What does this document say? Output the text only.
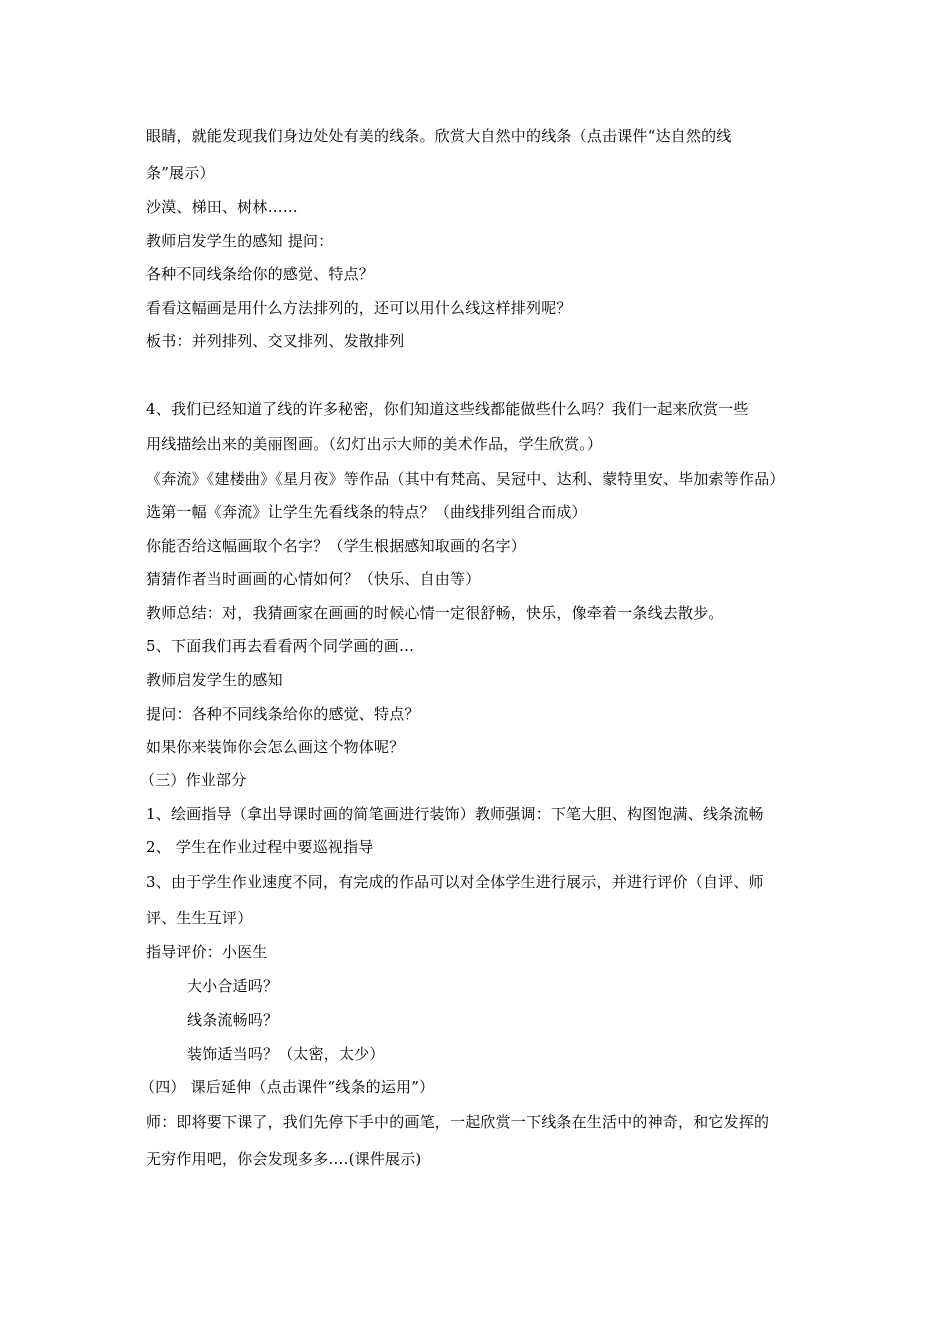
眼睛，就能发现我们身边处处有美的线条。欣赏大自然中的线条（点击课件“达自然的线
条”展示）
沙漠、梯田、树林……
教师启发学生的感知 提问：
各种不同线条给你的感觉、特点？
看看这幅画是用什么方法排列的，还可以用什么线这样排列呢？
板书：并列排列、交叉排列、发散排列
4、我们已经知道了线的许多秘密，你们知道这些线都能做些什么吗？我们一起来欣赏一些
用线描绘出来的美丽图画。（幻灯出示大师的美术作品，学生欣赏。）
《奔流》《建楼曲》《星月夜》等作品（其中有梵高、吴冠中、达利、蒙特里安、毕加索等作品）
选第一幅《奔流》让学生先看线条的特点？（曲线排列组合而成）
你能否给这幅画取个名字？（学生根据感知取画的名字）
猜猜作者当时画画的心情如何？（快乐、自由等）
教师总结：对，我猜画家在画画的时候心情一定很舒畅，快乐，像牵着一条线去散步。
5、下面我们再去看看两个同学画的画…
教师启发学生的感知
提问：各种不同线条给你的感觉、特点？
如果你来装饰你会怎么画这个物体呢？
（三）作业部分
1、绘画指导（拿出导课时画的简笔画进行装饰）教师强调：下笔大胆、构图饱满、线条流畅
2、 学生在作业过程中要巡视指导
3、由于学生作业速度不同，有完成的作品可以对全体学生进行展示，并进行评价（自评、师
评、生生互评）
指导评价：小医生
大小合适吗？
线条流畅吗？
装饰适当吗？（太密，太少）
（四） 课后延伸（点击课件“线条的运用”）
师：即将要下课了，我们先停下手中的画笔，一起欣赏一下线条在生活中的神奇，和它发挥的
无穷作用吧，你会发现多多….(课件展示)
